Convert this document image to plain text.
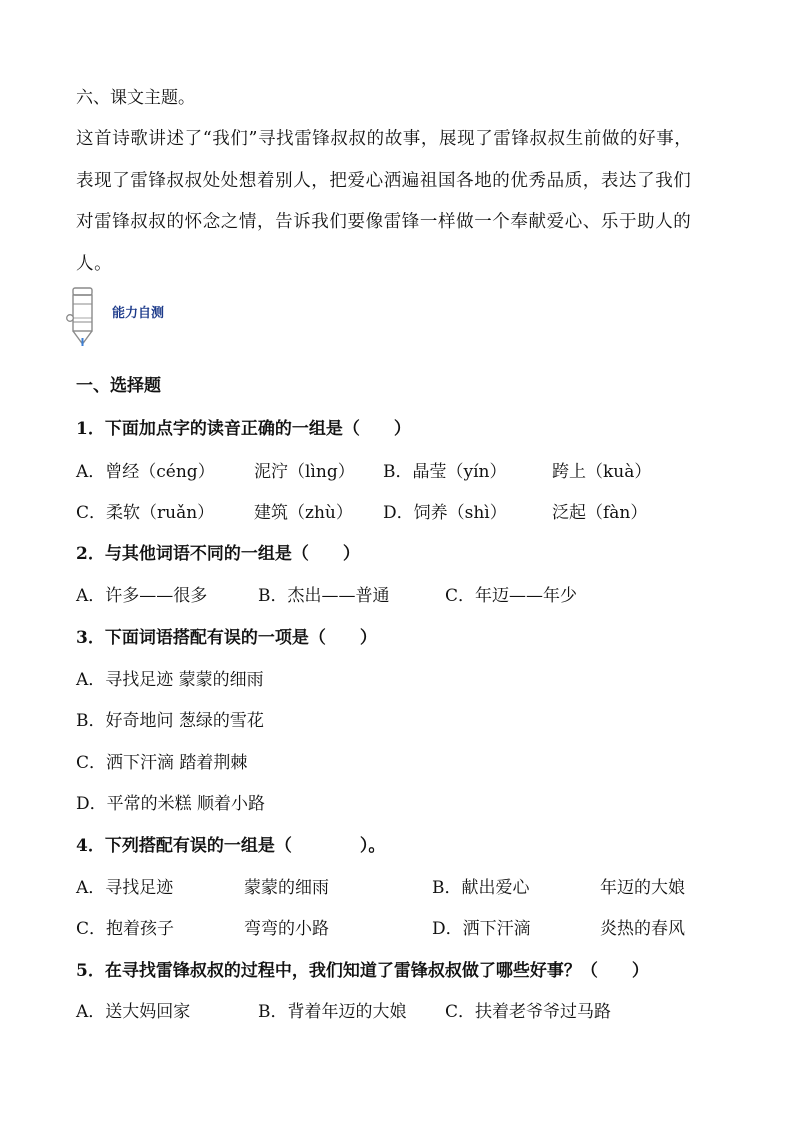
六、课文主题。
这首诗歌讲述了“我们”寻找雷锋叔叔的故事，展现了雷锋叔叔生前做的好事，
表现了雷锋叔叔处处想着别人，把爱心洒遍祖国各地的优秀品质，表达了我们
对雷锋叔叔的怀念之情，告诉我们要像雷锋一样做一个奉献爱心、乐于助人的
人。
能力自测
一、选择题
1．下面加点字的读音正确的一组是（　　）
A．曾经（céng） 泥泞（lìng） B．晶莹（yín）	跨上（kuà）
C．柔软（ruǎn） 建筑（zhù） D．饲养（shì）	泛起（fàn）
2．与其他词语不同的一组是（　　）
A．许多——很多	B．杰出——普通	C．年迈——年少
3．下面词语搭配有误的一项是（　　）
A．寻找足迹 蒙蒙的细雨
B．好奇地问 葱绿的雪花
C．洒下汗滴 踏着荆棘
D．平常的米糕 顺着小路
4．下列搭配有误的一组是（　　　　）。
A．寻找足迹	蒙蒙的细雨	B．献出爱心	年迈的大娘
C．抱着孩子	弯弯的小路	D．洒下汗滴	炎热的春风
5．在寻找雷锋叔叔的过程中，我们知道了雷锋叔叔做了哪些好事？（　　）
A．送大妈回家	B．背着年迈的大娘 C．扶着老爷爷过马路
